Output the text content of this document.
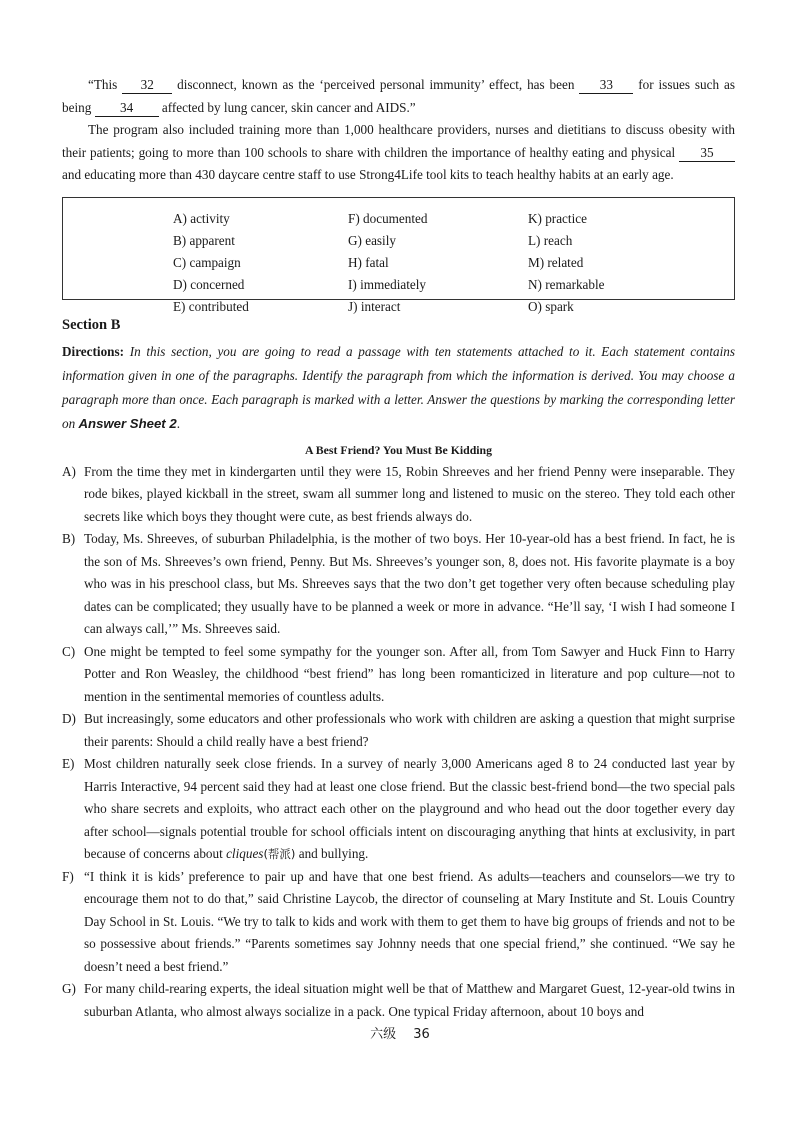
“This 32 disconnect, known as the ‘perceived personal immunity’ effect, has been 33 for issues such as being 34 affected by lung cancer, skin cancer and AIDS.”

The program also included training more than 1,000 healthcare providers, nurses and dietitians to discuss obesity with their patients; going to more than 100 schools to share with children the importance of healthy eating and physical 35 and educating more than 430 daycare centre staff to use Strong4Life tool kits to teach healthy habits at an early age.

A) activity	F) documented	K) practice
B) apparent	G) easily	L) reach
C) campaign	H) fatal	M) related
D) concerned	I) immediately	N) remarkable
E) contributed	J) interact	O) spark
Section B

Directions: In this section, you are going to read a passage with ten statements attached to it. Each statement contains information given in one of the paragraphs. Identify the paragraph from which the information is derived. You may choose a paragraph more than once. Each paragraph is marked with a letter. Answer the questions by marking the corresponding letter on Answer Sheet 2.

A Best Friend? You Must Be Kidding
A) From the time they met in kindergarten until they were 15, Robin Shreeves and her friend Penny were inseparable. They rode bikes, played kickball in the street, swam all summer long and listened to music on the stereo. They told each other secrets like which boys they thought were cute, as best friends always do.
B) Today, Ms. Shreeves, of suburban Philadelphia, is the mother of two boys. Her 10-year-old has a best friend. In fact, he is the son of Ms. Shreeves’s own friend, Penny. But Ms. Shreeves’s younger son, 8, does not. His favorite playmate is a boy who was in his preschool class, but Ms. Shreeves says that the two don’t get together very often because scheduling play dates can be complicated; they usually have to be planned a week or more in advance. “He’ll say, ‘I wish I had someone I can always call,’” Ms. Shreeves said.
C) One might be tempted to feel some sympathy for the younger son. After all, from Tom Sawyer and Huck Finn to Harry Potter and Ron Weasley, the childhood “best friend” has long been romanticized in literature and pop culture—not to mention in the sentimental memories of countless adults.
D) But increasingly, some educators and other professionals who work with children are asking a question that might surprise their parents: Should a child really have a best friend?
E) Most children naturally seek close friends. In a survey of nearly 3,000 Americans aged 8 to 24 conducted last year by Harris Interactive, 94 percent said they had at least one close friend. But the classic best-friend bond—the two special pals who share secrets and exploits, who attract each other on the playground and who head out the door together every day after school—signals potential trouble for school officials intent on discouraging anything that hints at exclusivity, in part because of concerns about cliques(帮派) and bullying.
F) “I think it is kids’ preference to pair up and have that one best friend. As adults—teachers and counselors—we try to encourage them not to do that,” said Christine Laycob, the director of counseling at Mary Institute and St. Louis Country Day School in St. Louis. “We try to talk to kids and work with them to get them to have big groups of friends and not to be so possessive about friends.” “Parents sometimes say Johnny needs that one special friend,” she continued. “We say he doesn’t need a best friend.”
G) For many child-rearing experts, the ideal situation might well be that of Matthew and Margaret Guest, 12-year-old twins in suburban Atlanta, who almost always socialize in a pack. One typical Friday afternoon, about 10 boys and
六级　 36
